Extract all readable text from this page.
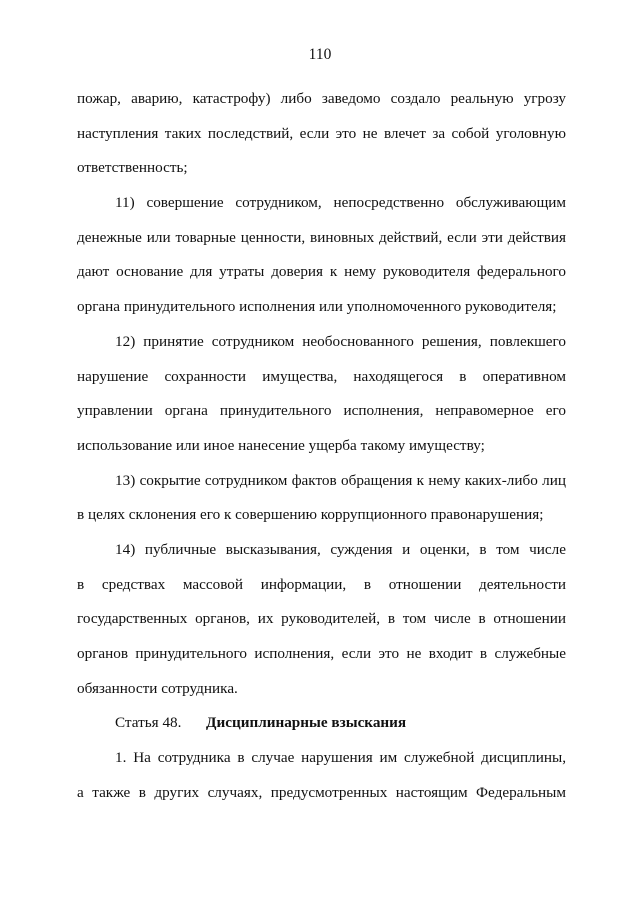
110
пожар, аварию, катастрофу) либо заведомо создало реальную угрозу
наступления таких последствий, если это не влечет за собой уголовную
ответственность;
11) совершение сотрудником, непосредственно обслуживающим
денежные или товарные ценности, виновных действий, если эти действия
дают основание для утраты доверия к нему руководителя федерального
органа принудительного исполнения или уполномоченного руководителя;
12) принятие сотрудником необоснованного решения, повлекшего
нарушение сохранности имущества, находящегося в оперативном
управлении органа принудительного исполнения, неправомерное его
использование или иное нанесение ущерба такому имуществу;
13) сокрытие сотрудником фактов обращения к нему каких-либо лиц
в целях склонения его к совершению коррупционного правонарушения;
14) публичные высказывания, суждения и оценки, в том числе
в средствах массовой информации, в отношении деятельности
государственных органов, их руководителей, в том числе в отношении
органов принудительного исполнения, если это не входит в служебные
обязанности сотрудника.
Статья 48. Дисциплинарные взыскания
1. На сотрудника в случае нарушения им служебной дисциплины,
а также в других случаях, предусмотренных настоящим Федеральным
